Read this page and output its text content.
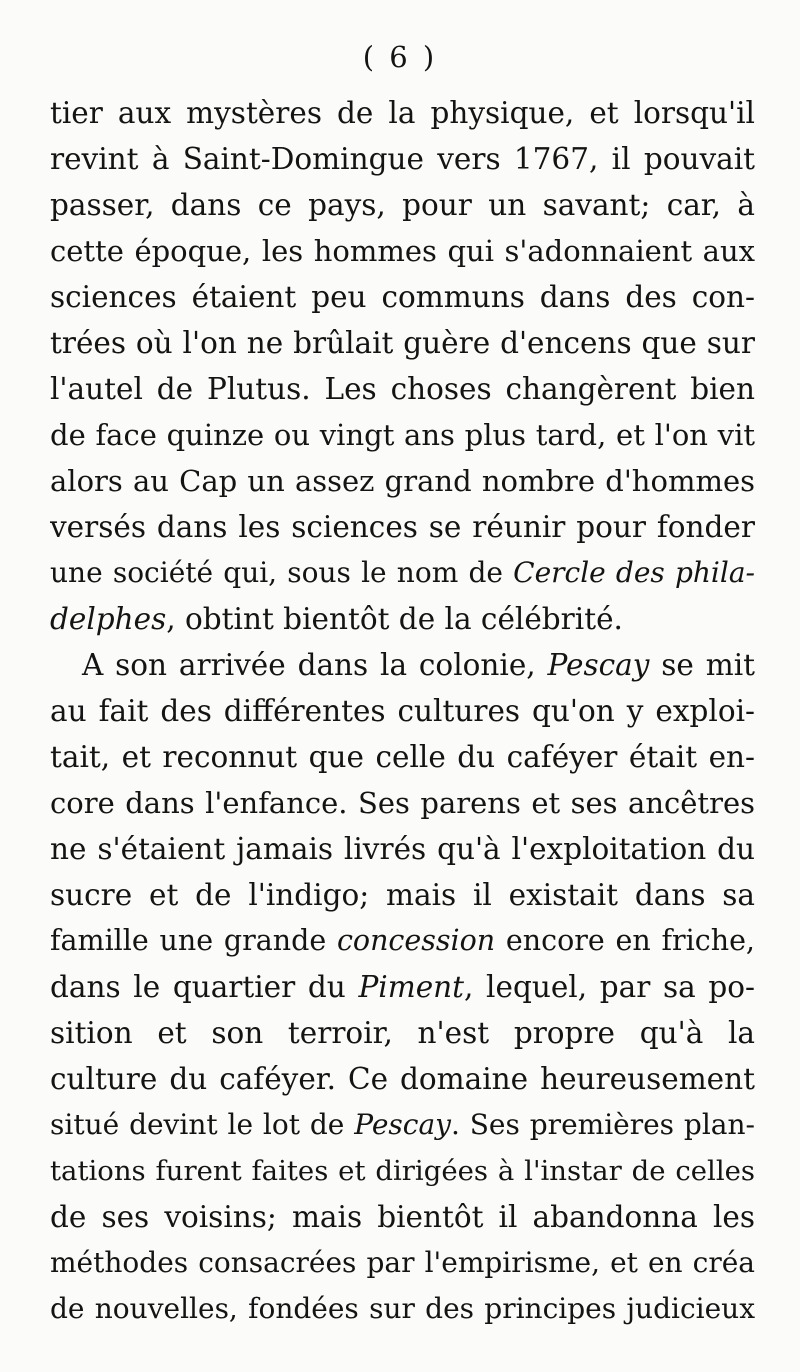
( 6 )
tier aux mystères de la physique, et lorsqu'il
revint à Saint-Domingue vers 1767, il pouvait
passer, dans ce pays, pour un savant; car, à
cette époque, les hommes qui s'adonnaient aux
sciences étaient peu communs dans des con-
trées où l'on ne brûlait guère d'encens que sur
l'autel de Plutus. Les choses changèrent bien
de face quinze ou vingt ans plus tard, et l'on vit
alors au Cap un assez grand nombre d'hommes
versés dans les sciences se réunir pour fonder
une société qui, sous le nom de Cercle des phila-
delphes, obtint bientôt de la célébrité.
A son arrivée dans la colonie, Pescay se mit
au fait des différentes cultures qu'on y exploi-
tait, et reconnut que celle du caféyer était en-
core dans l'enfance. Ses parens et ses ancêtres
ne s'étaient jamais livrés qu'à l'exploitation du
sucre et de l'indigo; mais il existait dans sa
famille une grande concession encore en friche,
dans le quartier du Piment, lequel, par sa po-
sition et son terroir, n'est propre qu'à la
culture du caféyer. Ce domaine heureusement
situé devint le lot de Pescay. Ses premières plan-
tations furent faites et dirigées à l'instar de celles
de ses voisins; mais bientôt il abandonna les
méthodes consacrées par l'empirisme, et en créa
de nouvelles, fondées sur des principes judicieux
